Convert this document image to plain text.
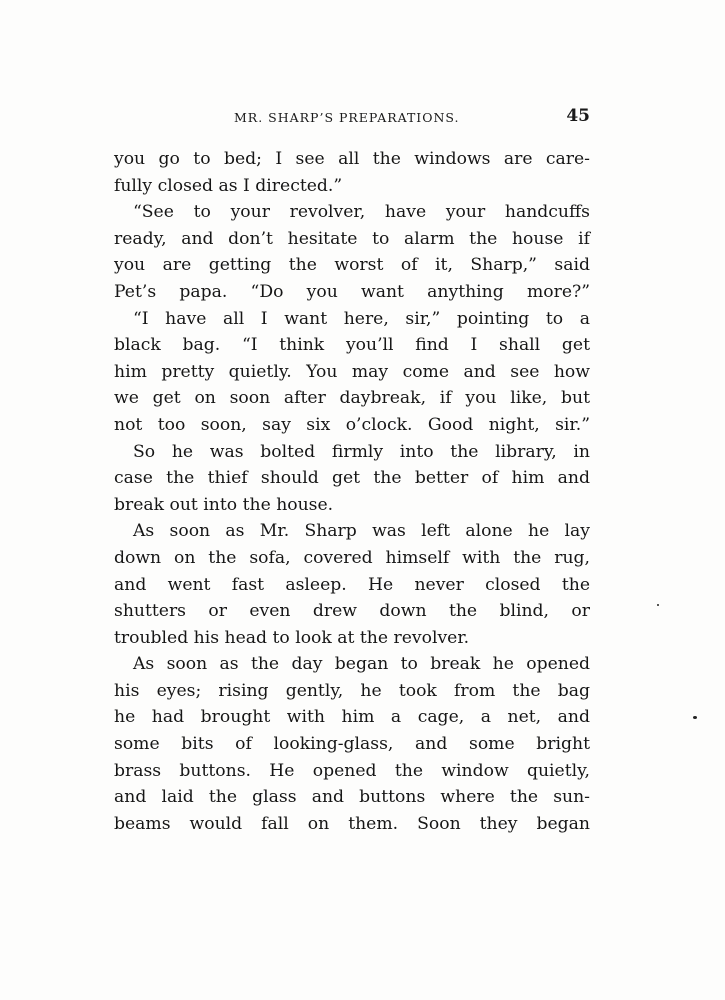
MR. SHARP’S PREPARATIONS.	45
you go to bed; I see all the windows are care-
fully closed as I directed.”
“See to your revolver, have your handcuffs
ready, and don’t hesitate to alarm the house if
you are getting the worst of it, Sharp,” said
Pet’s papa. “Do you want anything more?”
“I have all I want here, sir,” pointing to a
black bag. “I think you’ll find I shall get
him pretty quietly. You may come and see how
we get on soon after daybreak, if you like, but
not too soon, say six o’clock. Good night, sir.”
So he was bolted firmly into the library, in
case the thief should get the better of him and
break out into the house.
As soon as Mr. Sharp was left alone he lay
down on the sofa, covered himself with the rug,
and went fast asleep. He never closed the
shutters or even drew down the blind, or
troubled his head to look at the revolver.
As soon as the day began to break he opened
his eyes; rising gently, he took from the bag
he had brought with him a cage, a net, and
some bits of looking-glass, and some bright
brass buttons. He opened the window quietly,
and laid the glass and buttons where the sun-
beams would fall on them. Soon they began
